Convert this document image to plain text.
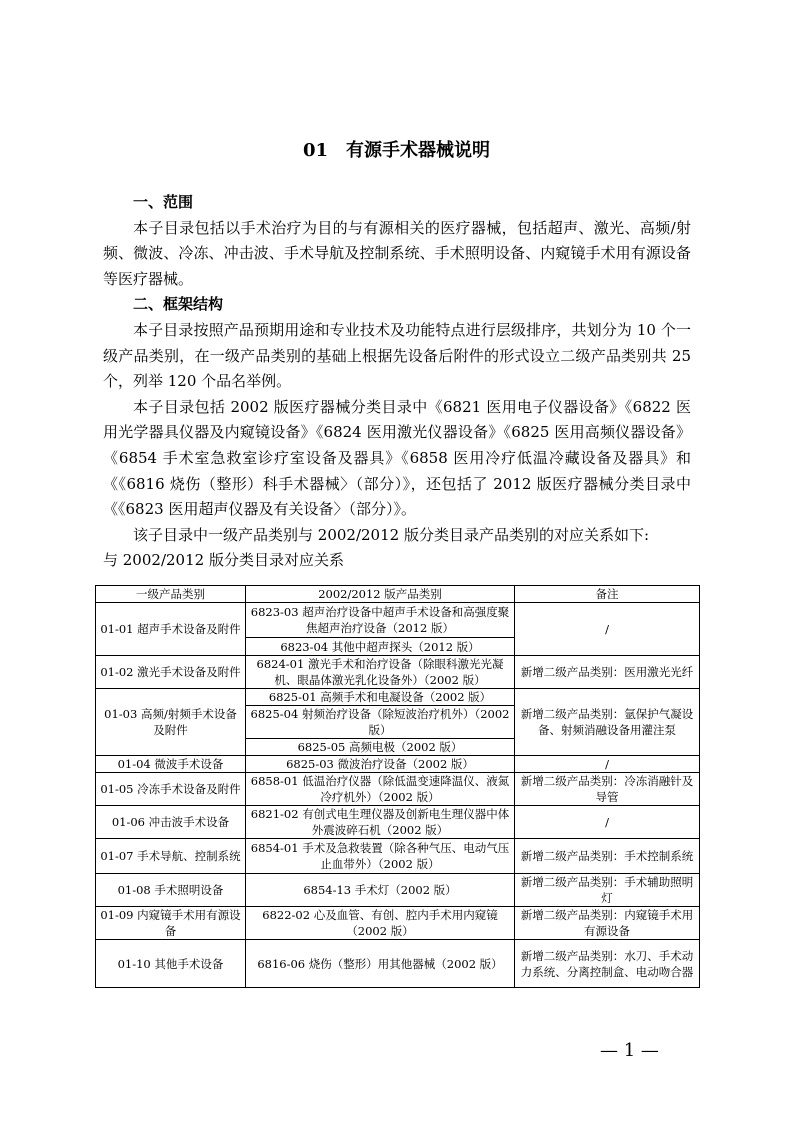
01　有源手术器械说明
一、范围

本子目录包括以手术治疗为目的与有源相关的医疗器械，包括超声、激光、高频/射频、微波、冷冻、冲击波、手术导航及控制系统、手术照明设备、内窥镜手术用有源设备等医疗器械。

二、框架结构

本子目录按照产品预期用途和专业技术及功能特点进行层级排序，共划分为 10 个一级产品类别，在一级产品类别的基础上根据先设备后附件的形式设立二级产品类别共 25 个，列举 120 个品名举例。

本子目录包括 2002 版医疗器械分类目录中《6821 医用电子仪器设备》《6822 医用光学器具仪器及内窥镜设备》《6824 医用激光仪器设备》《6825 医用高频仪器设备》《6854 手术室急救室诊疗室设备及器具》《6858 医用冷疗低温冷藏设备及器具》和《《6816 烧伤（整形）科手术器械〉（部分）》，还包括了 2012 版医疗器械分类目录中《《6823 医用超声仪器及有关设备〉（部分）》。

该子目录中一级产品类别与 2002/2012 版分类目录产品类别的对应关系如下:

与 2002/2012 版分类目录对应关系

一级产品类别	2002/2012 版产品类别	备注
01-01 超声手术设备及附件	6823-03 超声治疗设备中超声手术设备和高强度聚焦超声治疗设备（2012 版）	/
	6823-04 其他中超声探头（2012 版）	
01-02 激光手术设备及附件	6824-01 激光手术和治疗设备（除眼科激光光凝机、眼晶体激光乳化设备外）（2002 版）	新增二级产品类别：医用激光光纤
01-03 高频/射频手术设备及附件	6825-01 高频手术和电凝设备（2002 版）	新增二级产品类别：氩保护气凝设备、射频消融设备用灌注泵
	6825-04 射频治疗设备（除短波治疗机外）（2002 版）	
	6825-05 高频电极（2002 版）	
01-04 微波手术设备	6825-03 微波治疗设备（2002 版）	/
01-05 冷冻手术设备及附件	6858-01 低温治疗仪器（除低温变速降温仪、液氮冷疗机外）（2002 版）	新增二级产品类别：冷冻消融针及导管
01-06 冲击波手术设备	6821-02 有创式电生理仪器及创新电生理仪器中体外震波碎石机（2002 版）	/
01-07 手术导航、控制系统	6854-01 手术及急救装置（除各种气压、电动气压止血带外）（2002 版）	新增二级产品类别：手术控制系统
01-08 手术照明设备	6854-13 手术灯（2002 版）	新增二级产品类别：手术辅助照明灯
01-09 内窥镜手术用有源设备	6822-02 心及血管、有创、腔内手术用内窥镜（2002 版）	新增二级产品类别：内窥镜手术用有源设备
01-10 其他手术设备	6816-06 烧伤（整形）用其他器械（2002 版）	新增二级产品类别：水刀、手术动力系统、分离控制盒、电动吻合器
— 1 —
